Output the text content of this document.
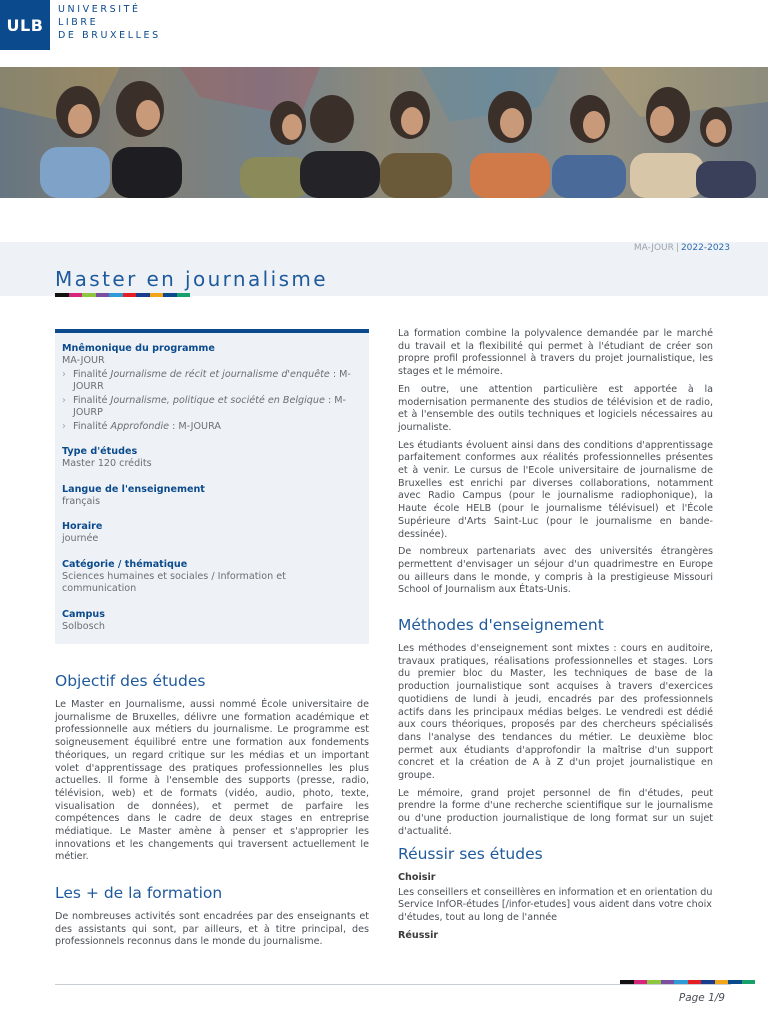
ULB
UNIVERSITÉ
LIBRE
DE BRUXELLES
MA-JOUR | 2022-2023
Master en journalisme
Mnêmonique du programme
MA-JOUR
› Finalité Journalisme de récit et journalisme d'enquête : M-JOURR
› Finalité Journalisme, politique et société en Belgique : M-JOURP
› Finalité Approfondie : M-JOURA
Type d'études
Master 120 crédits
Langue de l'enseignement
français
Horaire
journée
Catégorie / thématique
Sciences humaines et sociales / Information et communication
Campus
Solbosch
Objectif des études

Le Master en Journalisme, aussi nommé École universitaire de journalisme de Bruxelles, délivre une formation académique et professionnelle aux métiers du journalisme. Le programme est soigneusement équilibré entre une formation aux fondements théoriques, un regard critique sur les médias et un important volet d'apprentissage des pratiques professionnelles les plus actuelles. Il forme à l'ensemble des supports (presse, radio, télévision, web) et de formats (vidéo, audio, photo, texte, visualisation de données), et permet de parfaire les compétences dans le cadre de deux stages en entreprise médiatique. Le Master amène à penser et s'approprier les innovations et les changements qui traversent actuellement le métier.

Les + de la formation

De nombreuses activités sont encadrées par des enseignants et des assistants qui sont, par ailleurs, et à titre principal, des professionnels reconnus dans le monde du journalisme.

La formation combine la polyvalence demandée par le marché du travail et la flexibilité qui permet à l'étudiant de créer son propre profil professionnel à travers du projet journalistique, les stages et le mémoire.

En outre, une attention particulière est apportée à la modernisation permanente des studios de télévision et de radio, et à l'ensemble des outils techniques et logiciels nécessaires au journaliste.

Les étudiants évoluent ainsi dans des conditions d'apprentissage parfaitement conformes aux réalités professionnelles présentes et à venir. Le cursus de l'Ecole universitaire de journalisme de Bruxelles est enrichi par diverses collaborations, notamment avec Radio Campus (pour le journalisme radiophonique), la Haute école HELB (pour le journalisme télévisuel) et l'École Supérieure d'Arts Saint-Luc (pour le journalisme en bande-dessinée).

De nombreux partenariats avec des universités étrangères permettent d'envisager un séjour d'un quadrimestre en Europe ou ailleurs dans le monde, y compris à la prestigieuse Missouri School of Journalism aux États-Unis.

Méthodes d'enseignement

Les méthodes d'enseignement sont mixtes : cours en auditoire, travaux pratiques, réalisations professionnelles et stages. Lors du premier bloc du Master, les techniques de base de la production journalistique sont acquises à travers d'exercices quotidiens de lundi à jeudi, encadrés par des professionnels actifs dans les principaux médias belges. Le vendredi est dédié aux cours théoriques, proposés par des chercheurs spécialisés dans l'analyse des tendances du métier. Le deuxième bloc permet aux étudiants d'approfondir la maîtrise d'un support concret et la création de A à Z d'un projet journalistique en groupe.

Le mémoire, grand projet personnel de fin d'études, peut prendre la forme d'une recherche scientifique sur le journalisme ou d'une production journalistique de long format sur un sujet d'actualité.

Réussir ses études
Choisir

Les conseillers et conseillères en information et en orientation du Service InfOR-études [/infor-etudes] vous aident dans votre choix d'études, tout au long de l'année

Réussir
Page 1/9
